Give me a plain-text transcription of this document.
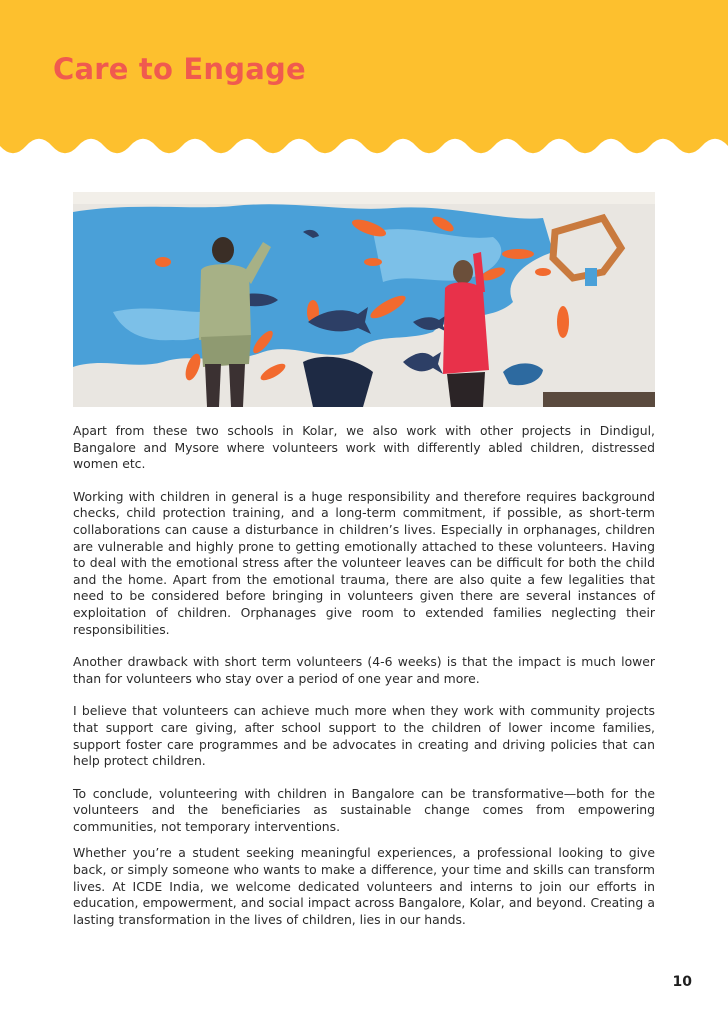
Care to Engage

Apart from these two schools in Kolar, we also work with other projects in Dindigul, Bangalore and Mysore where volunteers work with differently abled children, distressed women etc.

Working with children in general is a huge responsibility and therefore requires background checks, child protection training, and a long-term commitment, if possible, as short-term collaborations can cause a disturbance in children’s lives. Especially in orphanages, children are vulnerable and highly prone to getting emotionally attached to these volunteers. Having to deal with the emotional stress after the volunteer leaves can be difficult for both the child and the home. Apart from the emotional trauma, there are also quite a few legalities that need to be considered before bringing in volunteers given there are several instances of exploitation of children. Orphanages give room to extended families neglecting their responsibilities.

Another drawback with short term volunteers (4-6 weeks) is that the impact is much lower than for volunteers who stay over a period of one year and more.

I believe that volunteers can achieve much more when they work with community projects that support care giving, after school support to the children of lower income families, support foster care programmes and be advocates in creating and driving policies that can help protect children.

To conclude, volunteering with children in Bangalore can be transformative—both for the volunteers and the beneficiaries as sustainable change comes from empowering communities, not temporary interventions.

Whether you’re a student seeking meaningful experiences, a professional looking to give back, or simply someone who wants to make a difference, your time and skills can transform lives. At ICDE India, we welcome dedicated volunteers and interns to join our efforts in education, empowerment, and social impact across Bangalore, Kolar, and beyond. Creating a lasting transformation in the lives of children, lies in our hands.

10
